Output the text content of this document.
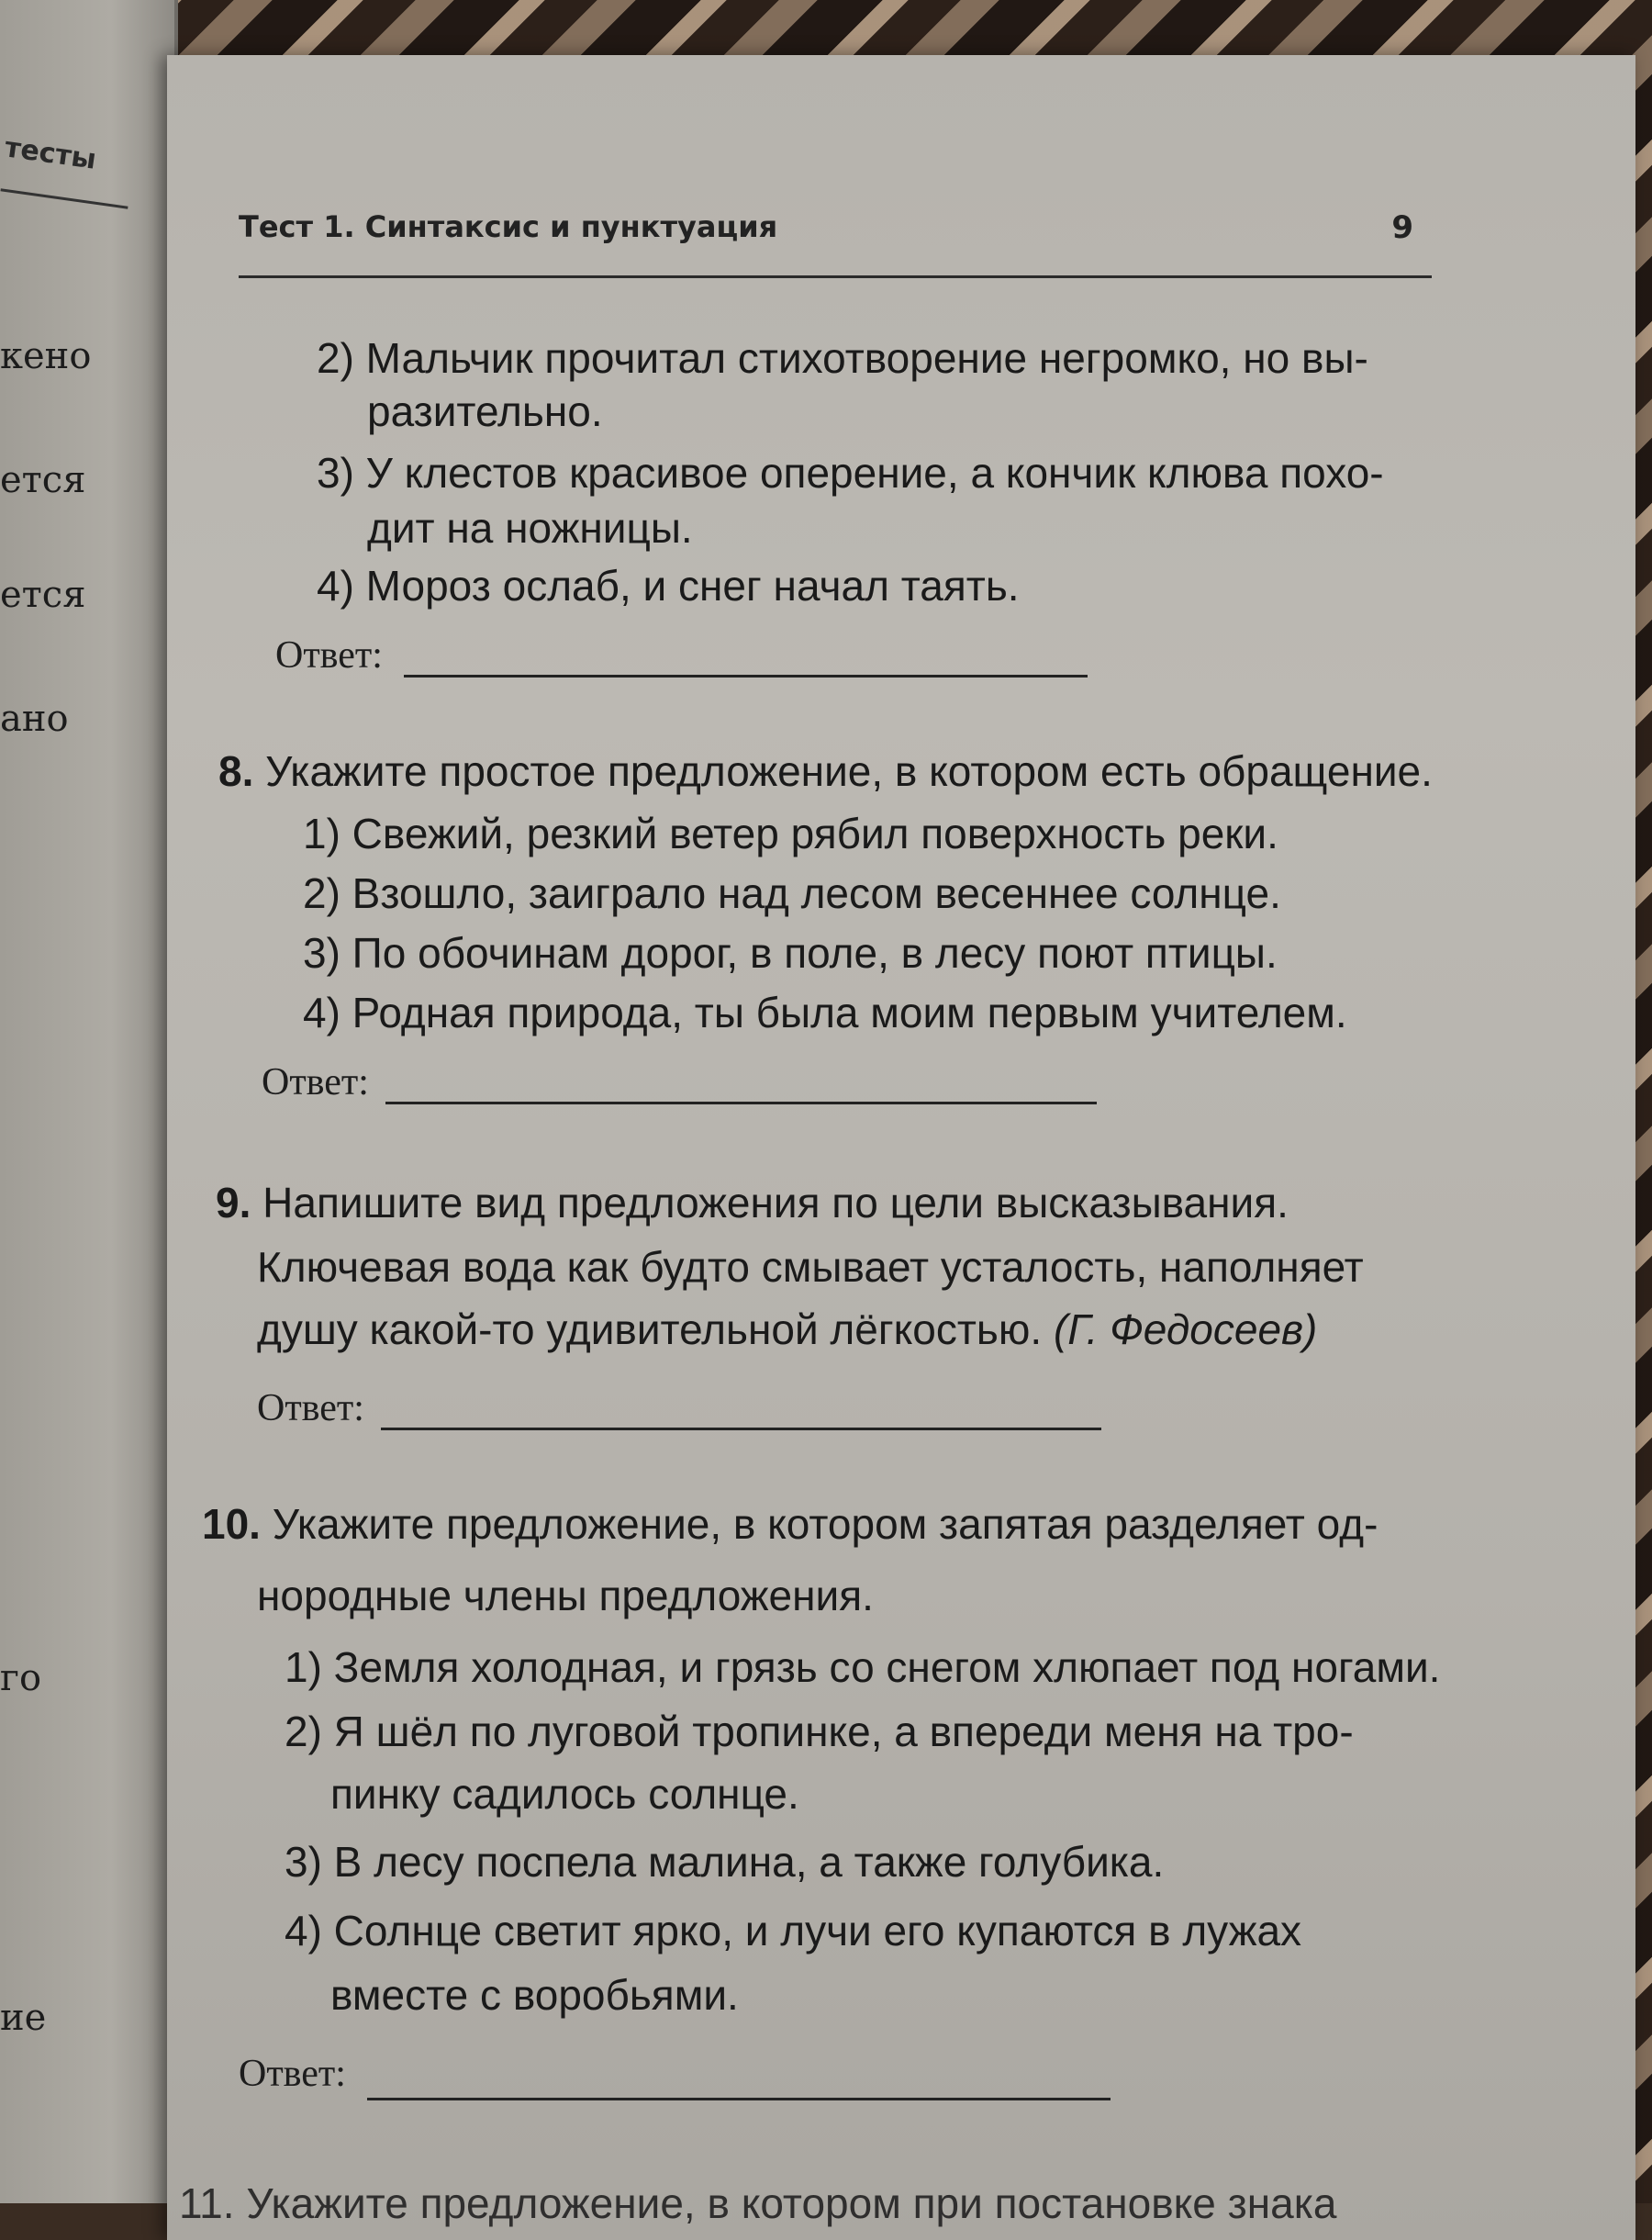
тесты
кено
ется
ется
ано
го
ие
Тест 1. Синтаксис и пунктуация	9
2) Мальчик прочитал стихотворение негромко, но вы-
разительно.
3) У клестов красивое оперение, а кончик клюва похо-
дит на ножницы.
4) Мороз ослаб, и снег начал таять.
Ответ:
8. Укажите простое предложение, в котором есть обращение.
1) Свежий, резкий ветер рябил поверхность реки.
2) Взошло, заиграло над лесом весеннее солнце.
3) По обочинам дорог, в поле, в лесу поют птицы.
4) Родная природа, ты была моим первым учителем.
Ответ:
9. Напишите вид предложения по цели высказывания.
Ключевая вода как будто смывает усталость, наполняет
душу какой-то удивительной лёгкостью. (Г. Федосеев)
Ответ:
10. Укажите предложение, в котором запятая разделяет од-
нородные члены предложения.
1) Земля холодная, и грязь со снегом хлюпает под ногами.
2) Я шёл по луговой тропинке, а впереди меня на тро-
пинку садилось солнце.
3) В лесу поспела малина, а также голубика.
4) Солнце светит ярко, и лучи его купаются в лужах
вместе с воробьями.
Ответ:
11. Укажите предложение, в котором при постановке знака
